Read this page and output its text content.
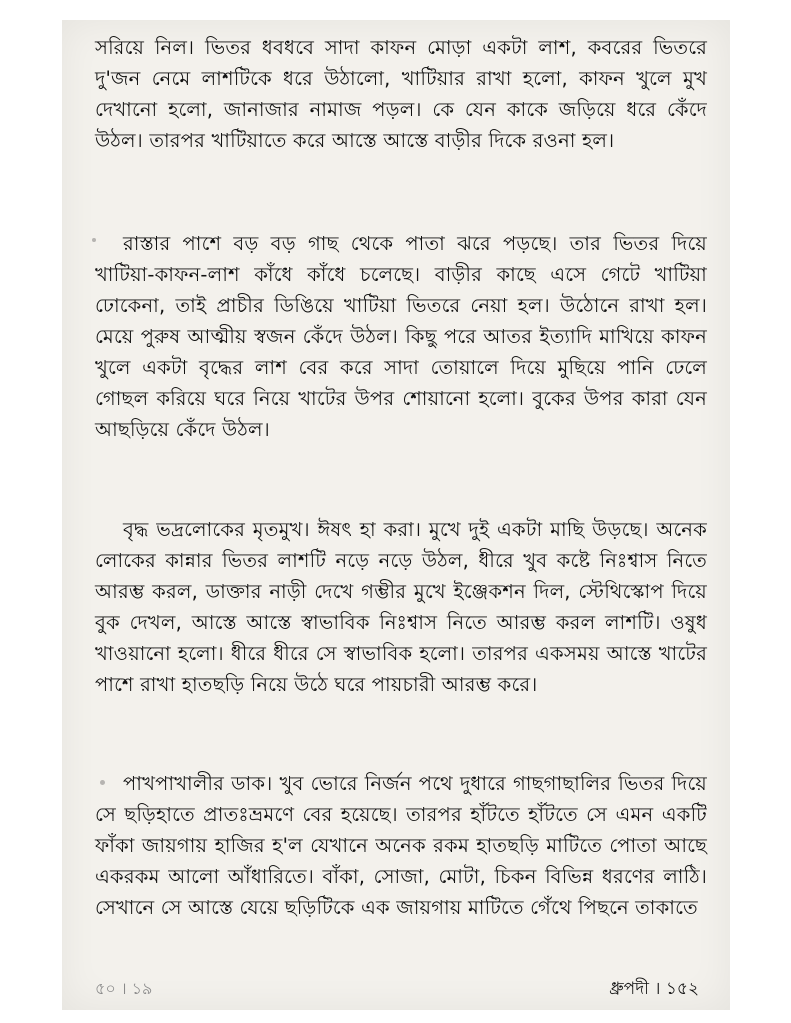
সরিয়ে নিল। ভিতর ধবধবে সাদা কাফন মোড়া একটা লাশ, কবরের ভিতরে দু'জন নেমে লাশটিকে ধরে উঠালো, খাটিয়ার রাখা হলো, কাফন খুলে মুখ দেখানো হলো, জানাজার নামাজ পড়ল। কে যেন কাকে জড়িয়ে ধরে কেঁদে উঠল। তারপর খাটিয়াতে করে আস্তে আস্তে বাড়ীর দিকে রওনা হল।

রাস্তার পাশে বড় বড় গাছ থেকে পাতা ঝরে পড়ছে। তার ভিতর দিয়ে খাটিয়া-কাফন-লাশ কাঁধে কাঁধে চলেছে। বাড়ীর কাছে এসে গেটে খাটিয়া ঢোকেনা, তাই প্রাচীর ডিঙিয়ে খাটিয়া ভিতরে নেয়া হল। উঠোনে রাখা হল। মেয়ে পুরুষ আত্মীয় স্বজন কেঁদে উঠল। কিছু পরে আতর ইত্যাদি মাখিয়ে কাফন খুলে একটা বৃদ্ধের লাশ বের করে সাদা তোয়ালে দিয়ে মুছিয়ে পানি ঢেলে গোছল করিয়ে ঘরে নিয়ে খাটের উপর শোয়ানো হলো। বুকের উপর কারা যেন আছড়িয়ে কেঁদে উঠল।

বৃদ্ধ ভদ্রলোকের মৃতমুখ। ঈষৎ হা করা। মুখে দুই একটা মাছি উড়ছে। অনেক লোকের কান্নার ভিতর লাশটি নড়ে নড়ে উঠল, ধীরে খুব কষ্টে নিঃশ্বাস নিতে আরম্ভ করল, ডাক্তার নাড়ী দেখে গম্ভীর মুখে ইঞ্জেকশন দিল, স্টেথিস্কোপ দিয়ে বুক দেখল, আস্তে আস্তে স্বাভাবিক নিঃশ্বাস নিতে আরম্ভ করল লাশটি। ওষুধ খাওয়ানো হলো। ধীরে ধীরে সে স্বাভাবিক হলো। তারপর একসময় আস্তে খাটের পাশে রাখা হাতছড়ি নিয়ে উঠে ঘরে পায়চারী আরম্ভ করে।

পাখপাখালীর ডাক। খুব ভোরে নির্জন পথে দুধারে গাছগাছালির ভিতর দিয়ে সে ছড়িহাতে প্রাতঃভ্রমণে বের হয়েছে। তারপর হাঁটতে হাঁটতে সে এমন একটি ফাঁকা জায়গায় হাজির হ'ল যেখানে অনেক রকম হাতছড়ি মাটিতে পোতা আছে একরকম আলো আঁধারিতে। বাঁকা, সোজা, মোটা, চিকন বিভিন্ন ধরণের লাঠি। সেখানে সে আস্তে যেয়ে ছড়িটিকে এক জায়গায় মাটিতে গেঁথে পিছনে তাকাতে

৫০ । ১৯	ধ্রুপদী । ১৫২
